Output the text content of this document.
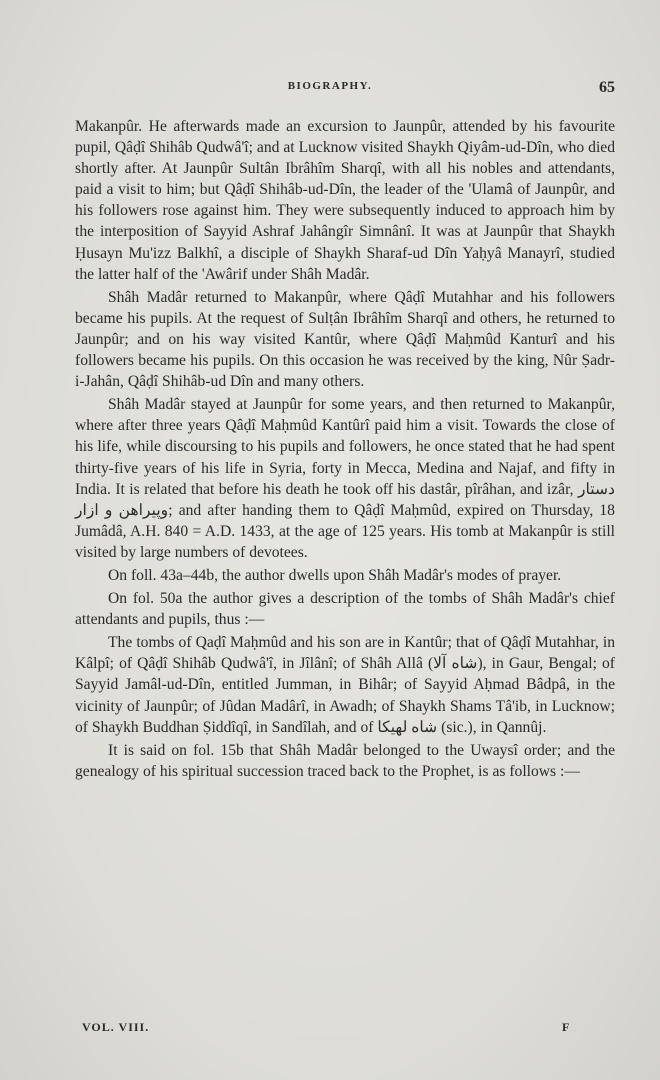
BIOGRAPHY.	65

Makanpûr. He afterwards made an excursion to Jaunpûr, attended by his favourite pupil, Qâḍî Shihâb Qudwâ'î; and at Lucknow visited Shaykh Qiyâm-ud-Dîn, who died shortly after. At Jaunpûr Sultân Ibrâhîm Sharqî, with all his nobles and attendants, paid a visit to him; but Qâḍî Shihâb-ud-Dîn, the leader of the 'Ulamâ of Jaunpûr, and his followers rose against him. They were subsequently induced to approach him by the interposition of Sayyid Ashraf Jahângîr Simnânî. It was at Jaunpûr that Shaykh Ḥusayn Mu'izz Balkhî, a disciple of Shaykh Sharaf-ud Dîn Yaḥyâ Manayrî, studied the latter half of the 'Awârif under Shâh Madâr.

Shâh Madâr returned to Makanpûr, where Qâḍî Mutahhar and his followers became his pupils. At the request of Sulṭân Ibrâhîm Sharqî and others, he returned to Jaunpûr; and on his way visited Kantûr, where Qâḍî Maḥmûd Kanturî and his followers became his pupils. On this occasion he was received by the king, Nûr Ṣadr-i-Jahân, Qâḍî Shihâb-ud Dîn and many others.

Shâh Madâr stayed at Jaunpûr for some years, and then returned to Makanpûr, where after three years Qâḍî Maḥmûd Kantûrî paid him a visit. Towards the close of his life, while discoursing to his pupils and followers, he once stated that he had spent thirty-five years of his life in Syria, forty in Mecca, Medina and Najaf, and fifty in India. It is related that before his death he took off his dastâr, pîrâhan, and izâr, دستار وپیراهن و ازار; and after handing them to Qâḍî Maḥmûd, expired on Thursday, 18 Jumâdâ, A.H. 840 = A.D. 1433, at the age of 125 years. His tomb at Makanpûr is still visited by large numbers of devotees.

On foll. 43a–44b, the author dwells upon Shâh Madâr's modes of prayer.

On fol. 50a the author gives a description of the tombs of Shâh Madâr's chief attendants and pupils, thus :—

The tombs of Qaḍî Maḥmûd and his son are in Kantûr; that of Qâḍî Mutahhar, in Kâlpî; of Qâḍî Shihâb Qudwâ'î, in Jîlânî; of Shâh Allâ (شاه آلا), in Gaur, Bengal; of Sayyid Jamâl-ud-Dîn, entitled Jumman, in Bihâr; of Sayyid Aḥmad Bâdpâ, in the vicinity of Jaunpûr; of Jûdan Madârî, in Awadh; of Shaykh Shams Tâ'ib, in Lucknow; of Shaykh Buddhan Ṣiddîqî, in Sandîlah, and of شاه لهیکا (sic.), in Qannûj.

It is said on fol. 15b that Shâh Madâr belonged to the Uwaysî order; and the genealogy of his spiritual succession traced back to the Prophet, is as follows :—

VOL. VIII.	F
